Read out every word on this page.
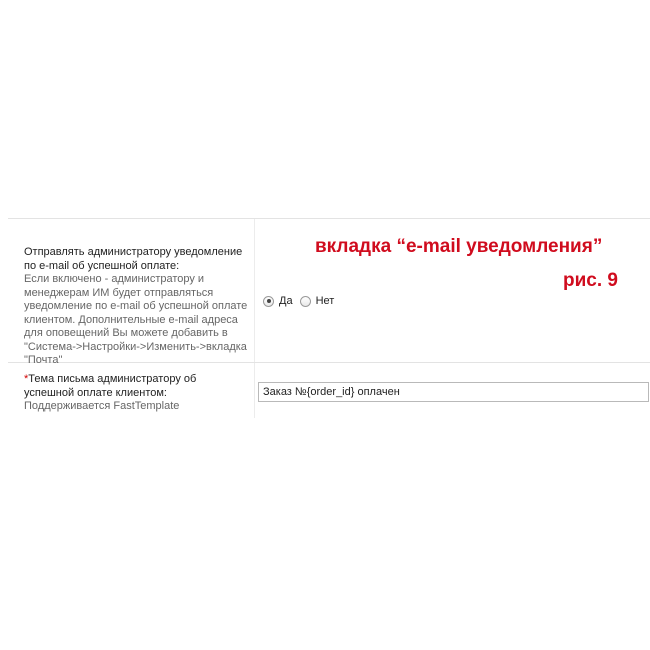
Отправлять администратору уведомление по e-mail об успешной оплате:
Если включено - администратору и менеджерам ИМ будет отправляться уведомление по e-mail об успешной оплате клиентом. Дополнительные e-mail адреса для оповещений Вы можете добавить в "Система->Настройки->Изменить->вкладка "Почта"
Да Нет
*Тема письма администратору об успешной оплате клиентом:
Поддерживается FastTemplate
Заказ №{order_id} оплачен
вкладка “e-mail уведомления”
рис. 9
